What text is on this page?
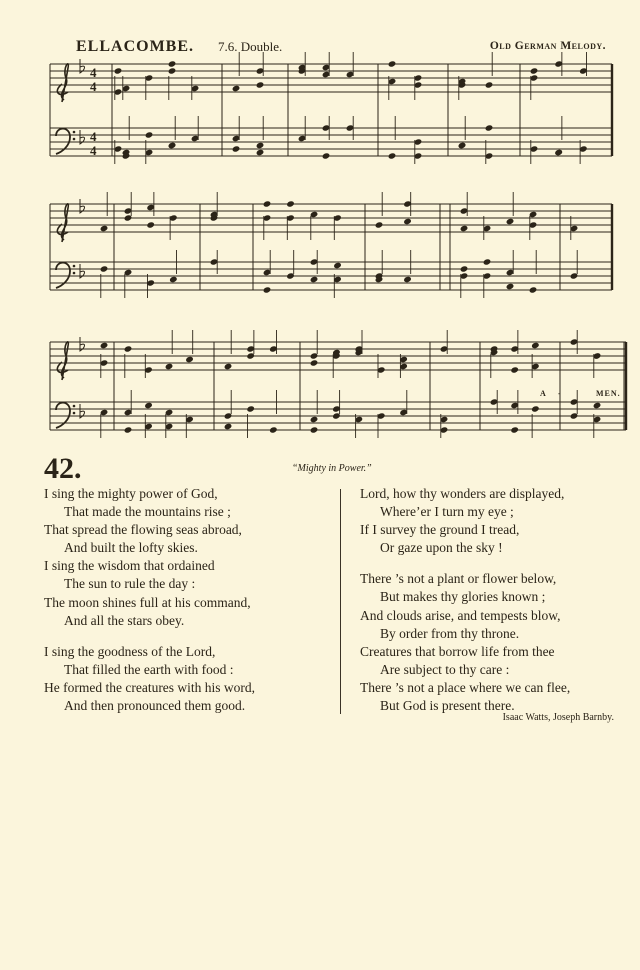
ELLACOMBE. 7.6. Double.	Old German Melody.
4
4
4
4
A -	MEN.
42.	“Mighty in Power.”
I sing the mighty power of God,
That made the mountains rise ;
That spread the flowing seas abroad,
And built the lofty skies.
I sing the wisdom that ordained
The sun to rule the day :
The moon shines full at his command,
And all the stars obey.
I sing the goodness of the Lord,
That filled the earth with food :
He formed the creatures with his word,
And then pronounced them good.
Lord, how thy wonders are displayed,
Where’er I turn my eye ;
If I survey the ground I tread,
Or gaze upon the sky !
There ’s not a plant or flower below,
But makes thy glories known ;
And clouds arise, and tempests blow,
By order from thy throne.
Creatures that borrow life from thee
Are subject to thy care :
There ’s not a place where we can flee,
But God is present there.
Isaac Watts, Joseph Barnby.
